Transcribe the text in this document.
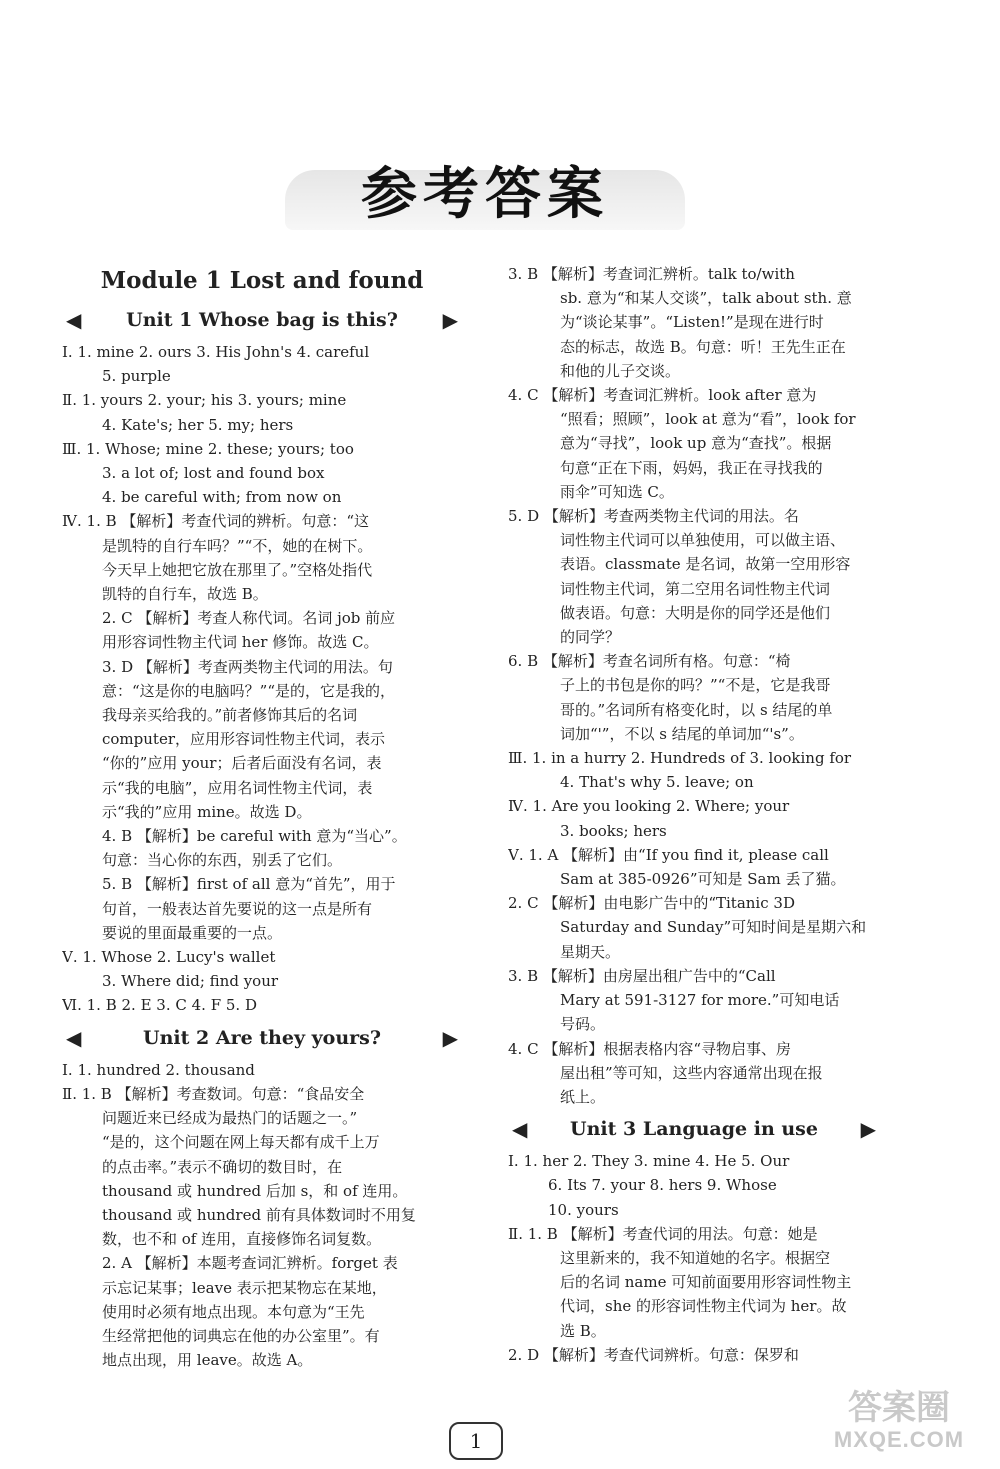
参考答案
Module 1 Lost and found
◀ Unit 1 Whose bag is this? ▶
Ⅰ. 1. mine 2. ours 3. His John's 4. careful
5. purple
Ⅱ. 1. yours 2. your; his 3. yours; mine
4. Kate's; her 5. my; hers
Ⅲ. 1. Whose; mine 2. these; yours; too
3. a lot of; lost and found box
4. be careful with; from now on
Ⅳ. 1. B 【解析】考查代词的辨析。句意：“这
是凯特的自行车吗？”“不，她的在树下。
今天早上她把它放在那里了。”空格处指代
凯特的自行车，故选 B。
2. C 【解析】考查人称代词。名词 job 前应
用形容词性物主代词 her 修饰。故选 C。
3. D 【解析】考查两类物主代词的用法。句
意：“这是你的电脑吗？”“是的，它是我的，
我母亲买给我的。”前者修饰其后的名词
computer，应用形容词性物主代词，表示
“你的”应用 your；后者后面没有名词，表
示“我的电脑”，应用名词性物主代词，表
示“我的”应用 mine。故选 D。
4. B 【解析】be careful with 意为“当心”。
句意：当心你的东西，别丢了它们。
5. B 【解析】first of all 意为“首先”，用于
句首，一般表达首先要说的这一点是所有
要说的里面最重要的一点。
Ⅴ. 1. Whose 2. Lucy's wallet
3. Where did; find your
Ⅵ. 1. B 2. E 3. C 4. F 5. D
◀	Unit 2 Are they yours?	▶
Ⅰ. 1. hundred 2. thousand
Ⅱ. 1. B 【解析】考查数词。句意：“食品安全
问题近来已经成为最热门的话题之一。”
“是的，这个问题在网上每天都有成千上万
的点击率。”表示不确切的数目时，在
thousand 或 hundred 后加 s，和 of 连用。
thousand 或 hundred 前有具体数词时不用复
数，也不和 of 连用，直接修饰名词复数。
2. A 【解析】本题考查词汇辨析。forget 表
示忘记某事；leave 表示把某物忘在某地，
使用时必须有地点出现。本句意为“王先
生经常把他的词典忘在他的办公室里”。有
地点出现，用 leave。故选 A。
3. B 【解析】考查词汇辨析。talk to/with
sb. 意为“和某人交谈”，talk about sth. 意
为“谈论某事”。“Listen!”是现在进行时
态的标志，故选 B。句意：听！王先生正在
和他的儿子交谈。
4. C 【解析】考查词汇辨析。look after 意为
“照看；照顾”，look at 意为“看”，look for
意为“寻找”，look up 意为“查找”。根据
句意“正在下雨，妈妈，我正在寻找我的
雨伞”可知选 C。
5. D 【解析】考查两类物主代词的用法。名
词性物主代词可以单独使用，可以做主语、
表语。classmate 是名词，故第一空用形容
词性物主代词，第二空用名词性物主代词
做表语。句意：大明是你的同学还是他们
的同学？
6. B 【解析】考查名词所有格。句意：“椅
子上的书包是你的吗？”“不是，它是我哥
哥的。”名词所有格变化时，以 s 结尾的单
词加“'”，不以 s 结尾的单词加“'s”。
Ⅲ. 1. in a hurry 2. Hundreds of 3. looking for
4. That's why 5. leave; on
Ⅳ. 1. Are you looking 2. Where; your
3. books; hers
Ⅴ. 1. A 【解析】由“If you find it, please call
Sam at 385-0926”可知是 Sam 丢了猫。
2. C 【解析】由电影广告中的“Titanic 3D
Saturday and Sunday”可知时间是星期六和
星期天。
3. B 【解析】由房屋出租广告中的“Call
Mary at 591-3127 for more.”可知电话
号码。
4. C 【解析】根据表格内容“寻物启事、房
屋出租”等可知，这些内容通常出现在报
纸上。
◀ Unit 3 Language in use ▶
Ⅰ. 1. her 2. They 3. mine 4. He 5. Our
6. Its 7. your 8. hers 9. Whose
10. yours
Ⅱ. 1. B 【解析】考查代词的用法。句意：她是
这里新来的，我不知道她的名字。根据空
后的名词 name 可知前面要用形容词性物主
代词，she 的形容词性物主代词为 her。故
选 B。
2. D 【解析】考查代词辨析。句意：保罗和
1
答案圈
MXQE.COM
